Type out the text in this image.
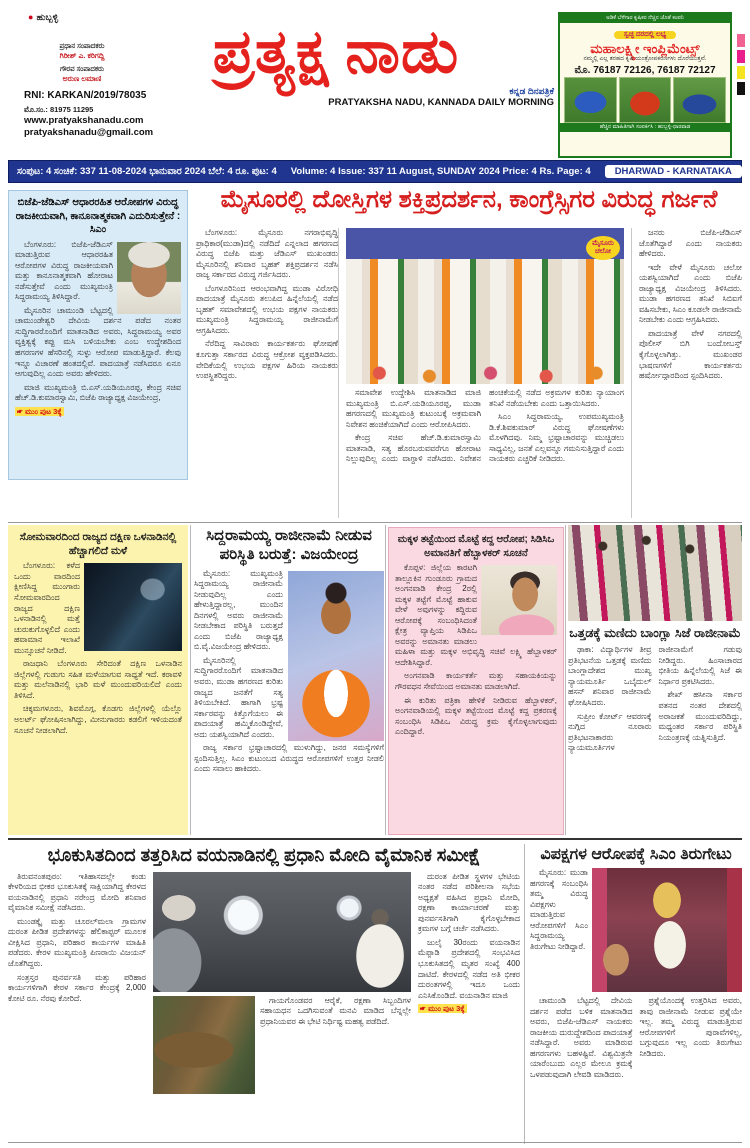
● ಹುಬ್ಬಳ್ಳಿ
ಪ್ರಧಾನ ಸಂಪಾದಕರು
ಗಿರೀಶ್ ಎ. ಕರಿಗದ್ದಿ
ಗೌರವ ಸಂಪಾದಕರು
ಅರುಣ ಲಮಾಣಿ
RNI: KARKAN/2019/78035
ಮೊ.ಸಂ.: 81975 11295
www.pratyakshanadu.com
pratyakshanadu@gmail.com
ಪ್ರತ್ಯಕ್ಷ ನಾಡು
ಕನ್ನಡ ದಿನಪತ್ರಿಕೆ
PRATYAKSHA NADU, KANNADA DAILY MORNING
ಅಡಿಕೆ ಬೆಳೆಗಾರ ಕೃಷಿಕರ ನೆಚ್ಚಿನ ಜೊತೆ ಕಂಪನಿ
ಸ್ವಚ್ಛ ದರದಲ್ಲಿ ಲಭ್ಯ
ಮಹಾಲಕ್ಷ್ಮೀ ಇಂಪ್ಲಿಮೆಂಟ್ಸ್
ನಮ್ಮಲ್ಲಿ ಎಲ್ಲ ತರಹದ ಕೃಷಿ ಯಂತ್ರೋಪಕರಣಗಳು ದೊರೆಯುತ್ತವೆ.
ಮೊ. 76187 72126, 76187 72127
ಹೆಚ್ಚಿನ ಮಾಹಿತಿಗಾಗಿ ಸಂಪರ್ಕಿಸಿ : ಹುಬ್ಬಳ್ಳಿ-ಧಾರವಾಡ
ಸಂಪುಟ: 4 ಸಂಚಿಕೆ: 337 11-08-2024 ಭಾನುವಾರ 2024 ಬೆಲೆ: 4 ರೂ. ಪುಟ: 4 Volume: 4 Issue: 337 11 August, SUNDAY 2024 Price: 4 Rs. Page: 4	DHARWAD - KARNATAKA
ಬಿಜೆಪಿ-ಜೆಡಿಎಸ್ ಆಧಾರರಹಿತ ಆರೋಪಗಳ ವಿರುದ್ಧ ರಾಜಕೀಯವಾಗಿ, ಕಾನೂನಾತ್ಮಕವಾಗಿ ಎದುರಿಸುತ್ತೇನೆ : ಸಿಎಂ

ಬೆಂಗಳೂರು: ಬಿಜೆಪಿ-ಜೆಡಿಎಸ್ ಮಾಡುತ್ತಿರುವ ಆಧಾರರಹಿತ ಆರೋಪಗಳ ವಿರುದ್ಧ ರಾಜಕೀಯವಾಗಿ ಮತ್ತು ಕಾನೂನಾತ್ಮಕವಾಗಿ ಹೋರಾಟ ನಡೆಸುತ್ತೇವೆ ಎಂದು ಮುಖ್ಯಮಂತ್ರಿ ಸಿದ್ದರಾಮಯ್ಯ ತಿಳಿಸಿದ್ದಾರೆ.

ಮೈಸೂರಿನ ಚಾಮುಂಡಿ ಬೆಟ್ಟದಲ್ಲಿ ಚಾಮುಂಡೇಶ್ವರಿ ದೇವಿಯ ದರ್ಶನ ಪಡೆದ ನಂತರ ಸುದ್ದಿಗಾರರೊಂದಿಗೆ ಮಾತನಾಡಿದ ಅವರು, ಸಿದ್ದರಾಮಯ್ಯ ಅವರ ವ್ಯಕ್ತಿತ್ವಕ್ಕೆ ಕಪ್ಪು ಮಸಿ ಬಳಿಯಬೇಕು ಎಂಬ ಉದ್ದೇಶದಿಂದ ಹಗರಣಗಳ ಹೆಸರಿನಲ್ಲಿ ಸುಳ್ಳು ಆರೋಪ ಮಾಡುತ್ತಿದ್ದಾರೆ. ಕೆಲವು ಇನ್ನೂ ವಿಚಾರಣೆ ಹಂತದಲ್ಲಿವೆ. ಪಾದಯಾತ್ರೆ ನಡೆಸಿದರೂ ಏನೂ ಆಗುವುದಿಲ್ಲ ಎಂದು ಅವರು ಹೇಳಿದರು.

ಮಾಜಿ ಮುಖ್ಯಮಂತ್ರಿ ಬಿ.ಎಸ್.ಯಡಿಯೂರಪ್ಪ, ಕೇಂದ್ರ ಸಚಿವ ಹೆಚ್.ಡಿ.ಕುಮಾರಸ್ವಾಮಿ, ಬಿಜೆಪಿ ರಾಜ್ಯಾಧ್ಯಕ್ಷ ವಿಜಯೇಂದ್ರ,

☛ ಮುಂ ಪುಟ 3ಕ್ಕೆ
ಮೈಸೂರಲ್ಲಿ ದೋಸ್ತಿಗಳ ಶಕ್ತಿಪ್ರದರ್ಶನ, ಕಾಂಗ್ರೆಸ್ಸಿಗರ ವಿರುದ್ಧ ಗರ್ಜನೆ

ಬೆಂಗಳೂರು: ಮೈಸೂರು ನಗರಾಭಿವೃದ್ಧಿ ಪ್ರಾಧಿಕಾರ(ಮುಡಾ)ದಲ್ಲಿ ನಡೆದಿದೆ ಎನ್ನಲಾದ ಹಗರಣದ ವಿರುದ್ಧ ಬಿಜೆಪಿ ಮತ್ತು ಜೆಡಿಎಸ್ ಮುಖಂಡರು ಮೈಸೂರಿನಲ್ಲಿ ಶನಿವಾರ ಬೃಹತ್ ಶಕ್ತಿಪ್ರದರ್ಶನ ನಡೆಸಿ ರಾಜ್ಯ ಸರ್ಕಾರದ ವಿರುದ್ಧ ಗರ್ಜಿಸಿದರು.

ಬೆಂಗಳೂರಿನಿಂದ ಆರಂಭವಾಗಿದ್ದ ಮುಡಾ ವಿರೋಧಿ ಪಾದಯಾತ್ರೆ ಮೈಸೂರು ತಲುಪಿದ ಹಿನ್ನೆಲೆಯಲ್ಲಿ ನಡೆದ ಬೃಹತ್ ಸಮಾವೇಶದಲ್ಲಿ ಉಭಯ ಪಕ್ಷಗಳ ನಾಯಕರು ಮುಖ್ಯಮಂತ್ರಿ ಸಿದ್ದರಾಮಯ್ಯ ರಾಜೀನಾಮೆಗೆ ಆಗ್ರಹಿಸಿದರು.

ನೆರೆದಿದ್ದ ಸಾವಿರಾರು ಕಾರ್ಯಕರ್ತರು ಘೋಷಣೆ ಕೂಗುತ್ತಾ ಸರ್ಕಾರದ ವಿರುದ್ಧ ಆಕ್ರೋಶ ವ್ಯಕ್ತಪಡಿಸಿದರು. ವೇದಿಕೆಯಲ್ಲಿ ಉಭಯ ಪಕ್ಷಗಳ ಹಿರಿಯ ನಾಯಕರು ಉಪಸ್ಥಿತರಿದ್ದರು.

ಮೈಸೂರು ಚಲೋ

ಸಮಾವೇಶ ಉದ್ದೇಶಿಸಿ ಮಾತನಾಡಿದ ಮಾಜಿ ಮುಖ್ಯಮಂತ್ರಿ ಬಿ.ಎಸ್.ಯಡಿಯೂರಪ್ಪ, ಮುಡಾ ಹಗರಣದಲ್ಲಿ ಮುಖ್ಯಮಂತ್ರಿ ಕುಟುಂಬಕ್ಕೆ ಅಕ್ರಮವಾಗಿ ನಿವೇಶನ ಹಂಚಿಕೆಯಾಗಿದೆ ಎಂದು ಆರೋಪಿಸಿದರು.

ಕೇಂದ್ರ ಸಚಿವ ಹೆಚ್.ಡಿ.ಕುಮಾರಸ್ವಾಮಿ ಮಾತನಾಡಿ, ಸತ್ಯ ಹೊರಬರುವವರೆಗೂ ಹೋರಾಟ ನಿಲ್ಲುವುದಿಲ್ಲ ಎಂದು ವಾಗ್ದಾಳಿ ನಡೆಸಿದರು. ನಿವೇಶನ ಹಂಚಿಕೆಯಲ್ಲಿ ನಡೆದ ಅಕ್ರಮಗಳ ಕುರಿತು ನ್ಯಾಯಾಂಗ ತನಿಖೆ ನಡೆಯಬೇಕು ಎಂದು ಒತ್ತಾಯಿಸಿದರು.

ಸಿಎಂ ಸಿದ್ದರಾಮಯ್ಯ, ಉಪಮುಖ್ಯಮಂತ್ರಿ ಡಿ.ಕೆ.ಶಿವಕುಮಾರ್ ವಿರುದ್ಧ ಘೋಷಣೆಗಳು ಮೊಳಗಿದವು. ನಿಮ್ಮ ಭ್ರಷ್ಟಾಚಾರವನ್ನು ಮುಚ್ಚಿಡಲು ಸಾಧ್ಯವಿಲ್ಲ, ಜನತೆ ಎಲ್ಲವನ್ನೂ ಗಮನಿಸುತ್ತಿದ್ದಾರೆ ಎಂದು ನಾಯಕರು ಎಚ್ಚರಿಕೆ ನೀಡಿದರು.

ಜನರು ಬಿಜೆಪಿ-ಜೆಡಿಎಸ್ ಜೊತೆಗಿದ್ದಾರೆ ಎಂದು ನಾಯಕರು ಹೇಳಿದರು.

ಇದೇ ವೇಳೆ ಮೈಸೂರು ಚಲೋ ಯಶಸ್ವಿಯಾಗಿದೆ ಎಂದು ಬಿಜೆಪಿ ರಾಜ್ಯಾಧ್ಯಕ್ಷ ವಿಜಯೇಂದ್ರ ತಿಳಿಸಿದರು. ಮುಡಾ ಹಗರಣದ ತನಿಖೆ ಸಿಬಿಐಗೆ ವಹಿಸಬೇಕು, ಸಿಎಂ ಕೂಡಲೇ ರಾಜೀನಾಮೆ ನೀಡಬೇಕು ಎಂದು ಆಗ್ರಹಿಸಿದರು.

ಪಾದಯಾತ್ರೆ ವೇಳೆ ನಗರದಲ್ಲಿ ಪೊಲೀಸ್ ಬಿಗಿ ಬಂದೋಬಸ್ತ್ ಕೈಗೊಳ್ಳಲಾಗಿತ್ತು. ಮುಖಂಡರ ಭಾಷಣಗಳಿಗೆ ಕಾರ್ಯಕರ್ತರು ಹರ್ಷೋದ್ಗಾರದಿಂದ ಸ್ಪಂದಿಸಿದರು.

ಸೋಮವಾರದಿಂದ ರಾಜ್ಯದ ದಕ್ಷಿಣ ಒಳನಾಡಿನಲ್ಲಿ ಹೆಚ್ಚಾಗಲಿದೆ ಮಳೆ

ಬೆಂಗಳೂರು: ಕಳೆದ ಒಂದು ವಾರದಿಂದ ಕ್ಷೀಣಿಸಿದ್ದ ಮುಂಗಾರು ಸೋಮವಾರದಿಂದ ರಾಜ್ಯದ ದಕ್ಷಿಣ ಒಳನಾಡಿನಲ್ಲಿ ಮತ್ತೆ ಚುರುಕುಗೊಳ್ಳಲಿದೆ ಎಂದು ಹವಾಮಾನ ಇಲಾಖೆ ಮುನ್ಸೂಚನೆ ನೀಡಿದೆ.

ರಾಜಧಾನಿ ಬೆಂಗಳೂರು ಸೇರಿದಂತೆ ದಕ್ಷಿಣ ಒಳನಾಡಿನ ಜಿಲ್ಲೆಗಳಲ್ಲಿ ಗುಡುಗು ಸಹಿತ ಮಳೆಯಾಗುವ ಸಾಧ್ಯತೆ ಇದೆ. ಕರಾವಳಿ ಮತ್ತು ಮಲೆನಾಡಿನಲ್ಲಿ ಭಾರಿ ಮಳೆ ಮುಂದುವರಿಯಲಿದೆ ಎಂದು ತಿಳಿಸಿದೆ.

ಚಿಕ್ಕಮಗಳೂರು, ಶಿವಮೊಗ್ಗ, ಕೊಡಗು ಜಿಲ್ಲೆಗಳಲ್ಲಿ ಯೆಲ್ಲೊ ಅಲರ್ಟ್ ಘೋಷಿಸಲಾಗಿದ್ದು, ಮೀನುಗಾರರು ಕಡಲಿಗೆ ಇಳಿಯದಂತೆ ಸೂಚನೆ ನೀಡಲಾಗಿದೆ.

ಸಿದ್ದರಾಮಯ್ಯ ರಾಜೀನಾಮೆ ನೀಡುವ ಪರಿಸ್ಥಿತಿ ಬರುತ್ತೆ: ವಿಜಯೇಂದ್ರ

ಮೈಸೂರು: ಮುಖ್ಯಮಂತ್ರಿ ಸಿದ್ದರಾಮಯ್ಯ ರಾಜೀನಾಮೆ ನೀಡುವುದಿಲ್ಲ ಎಂದು ಹೇಳುತ್ತಿದ್ದಾರಲ್ಲ, ಮುಂದಿನ ದಿನಗಳಲ್ಲಿ ಅವರು ರಾಜೀನಾಮೆ ನೀಡಬೇಕಾದ ಪರಿಸ್ಥಿತಿ ಬರುತ್ತದೆ ಎಂದು ಬಿಜೆಪಿ ರಾಜ್ಯಾಧ್ಯಕ್ಷ ಬಿ.ವೈ.ವಿಜಯೇಂದ್ರ ಹೇಳಿದರು.

ಮೈಸೂರಿನಲ್ಲಿ ಸುದ್ದಿಗಾರರೊಂದಿಗೆ ಮಾತನಾಡಿದ ಅವರು, ಮುಡಾ ಹಗರಣದ ಕುರಿತು ರಾಜ್ಯದ ಜನತೆಗೆ ಸತ್ಯ ತಿಳಿಯಬೇಕಿದೆ. ಹಾಗಾಗಿ ಭ್ರಷ್ಟ ಸರ್ಕಾರವನ್ನು ಕಿತ್ತೊಗೆಯಲು ಈ ಪಾದಯಾತ್ರೆ ಹಮ್ಮಿಕೊಂಡಿದ್ದೇವೆ, ಅದು ಯಶಸ್ವಿಯಾಗಿದೆ ಎಂದರು.

ರಾಜ್ಯ ಸರ್ಕಾರ ಭ್ರಷ್ಟಾಚಾರದಲ್ಲಿ ಮುಳುಗಿದ್ದು, ಜನರ ಸಮಸ್ಯೆಗಳಿಗೆ ಸ್ಪಂದಿಸುತ್ತಿಲ್ಲ. ಸಿಎಂ ಕುಟುಂಬದ ವಿರುದ್ಧದ ಆರೋಪಗಳಿಗೆ ಉತ್ತರ ನೀಡಲಿ ಎಂದು ಸವಾಲು ಹಾಕಿದರು.

ಮಕ್ಕಳ ತಟ್ಟೆಯಿಂದ ಮೊಟ್ಟೆ ಕದ್ದ ಆರೋಪ; ಸಿಡಿಸಿಒ ಅಮಾನತಿಗೆ ಹೆಬ್ಬಾಳಕರ್ ಸೂಚನೆ

ಕೊಪ್ಪಳ: ಜಿಲ್ಲೆಯ ಕಾರಟಗಿ ತಾಲ್ಲೂಕಿನ ಗುಂಡೂರು ಗ್ರಾಮದ ಅಂಗನವಾಡಿ ಕೇಂದ್ರ 2ರಲ್ಲಿ ಮಕ್ಕಳ ತಟ್ಟೆಗೆ ಮೊಟ್ಟೆ ಹಾಕುವ ವೇಳೆ ಅವುಗಳನ್ನು ಕದ್ದಿರುವ ಆರೋಪಕ್ಕೆ ಸಂಬಂಧಿಸಿದಂತೆ ಕ್ಷೇತ್ರ ವ್ಯಾಪ್ತಿಯ ಸಿಡಿಪಿಒ ಅವರನ್ನು ಅಮಾನತು ಮಾಡಲು ಮಹಿಳಾ ಮತ್ತು ಮಕ್ಕಳ ಅಭಿವೃದ್ಧಿ ಸಚಿವೆ ಲಕ್ಷ್ಮಿ ಹೆಬ್ಬಾಳಕರ್ ಆದೇಶಿಸಿದ್ದಾರೆ.

ಅಂಗನವಾಡಿ ಕಾರ್ಯಕರ್ತೆ ಮತ್ತು ಸಹಾಯಕಿಯನ್ನು ಗೌರವಧನ ಸೇವೆಯಿಂದ ಅಮಾನತು ಮಾಡಲಾಗಿದೆ.

ಈ ಕುರಿತು ಪತ್ರಿಕಾ ಹೇಳಿಕೆ ನೀಡಿರುವ ಹೆಬ್ಬಾಳಕರ್, ಅಂಗನವಾಡಿಯಲ್ಲಿ ಮಕ್ಕಳ ತಟ್ಟೆಯಿಂದ ಮೊಟ್ಟೆ ಕದ್ದ ಪ್ರಕರಣಕ್ಕೆ ಸಂಬಂಧಿಸಿ ಸಿಡಿಪಿಒ ವಿರುದ್ಧ ಕ್ರಮ ಕೈಗೊಳ್ಳಲಾಗುವುದು ಎಂದಿದ್ದಾರೆ.

ಒತ್ತಡಕ್ಕೆ ಮಣಿದು ಬಾಂಗ್ಲಾ ಸಿಜೆ ರಾಜೀನಾಮೆ

ಢಾಕಾ: ವಿದ್ಯಾರ್ಥಿಗಳ ತೀವ್ರ ಪ್ರತಿಭಟನೆಯ ಒತ್ತಡಕ್ಕೆ ಮಣಿದು ಬಾಂಗ್ಲಾದೇಶದ ಮುಖ್ಯ ನ್ಯಾಯಮೂರ್ತಿ ಒಬೈದುಲ್ ಹಸನ್ ಶನಿವಾರ ರಾಜೀನಾಮೆ ಘೋಷಿಸಿದರು.

ಸುಪ್ರೀಂ ಕೋರ್ಟ್ ಆವರಣಕ್ಕೆ ನುಗ್ಗಿದ ನೂರಾರು ಪ್ರತಿಭಟನಾಕಾರರು ನ್ಯಾಯಮೂರ್ತಿಗಳ ರಾಜೀನಾಮೆಗೆ ಗಡುವು ನೀಡಿದ್ದರು. ಹಿಂಸಾಚಾರದ ಭೀತಿಯ ಹಿನ್ನೆಲೆಯಲ್ಲಿ ಸಿಜೆ ಈ ನಿರ್ಧಾರ ಪ್ರಕಟಿಸಿದರು.

ಶೇಖ್ ಹಸೀನಾ ಸರ್ಕಾರ ಪತನದ ನಂತರ ದೇಶದಲ್ಲಿ ಅರಾಜಕತೆ ಮುಂದುವರಿದಿದ್ದು, ಮಧ್ಯಂತರ ಸರ್ಕಾರ ಪರಿಸ್ಥಿತಿ ನಿಯಂತ್ರಣಕ್ಕೆ ಯತ್ನಿಸುತ್ತಿದೆ.

ಭೂಕುಸಿತದಿಂದ ತತ್ತರಿಸಿದ ವಯನಾಡಿನಲ್ಲಿ ಪ್ರಧಾನಿ ಮೋದಿ ವೈಮಾನಿಕ ಸಮೀಕ್ಷೆ

ತಿರುವನಂತಪುರಂ: ಇತಿಹಾಸದಲ್ಲೇ ಕಂಡು ಕೇಳರಿಯದ ಭೀಕರ ಭೂಕುಸಿತಕ್ಕೆ ಸಾಕ್ಷಿಯಾಗಿದ್ದ ಕೇರಳದ ವಯನಾಡಿನಲ್ಲಿ ಪ್ರಧಾನಿ ನರೇಂದ್ರ ಮೋದಿ ಶನಿವಾರ ವೈಮಾನಿಕ ಸಮೀಕ್ಷೆ ನಡೆಸಿದರು.

ಮುಂಡಕ್ಕೈ ಮತ್ತು ಚೂರಲ್‌ಮಲಾ ಗ್ರಾಮಗಳ ದುರಂತ ಪೀಡಿತ ಪ್ರದೇಶಗಳನ್ನು ಹೆಲಿಕಾಪ್ಟರ್ ಮೂಲಕ ವೀಕ್ಷಿಸಿದ ಪ್ರಧಾನಿ, ಪರಿಹಾರ ಕಾರ್ಯಗಳ ಮಾಹಿತಿ ಪಡೆದರು. ಕೇರಳ ಮುಖ್ಯಮಂತ್ರಿ ಪಿಣರಾಯಿ ವಿಜಯನ್ ಜೊತೆಗಿದ್ದರು.

ಸಂತ್ರಸ್ತರ ಪುನರ್ವಸತಿ ಮತ್ತು ಪರಿಹಾರ ಕಾರ್ಯಗಳಿಗಾಗಿ ಕೇರಳ ಸರ್ಕಾರ ಕೇಂದ್ರಕ್ಕೆ 2,000 ಕೋಟಿ ರೂ. ನೆರವು ಕೋರಿದೆ.	ಗಾಯಗೊಂಡವರ ಆರೈಕೆ, ರಕ್ಷಣಾ ಸಿಬ್ಬಂದಿಗಳ ಸಹಾಯಧನ ಒದಗಿಸುವಂತೆ ಮನವಿ ಮಾಡಿದ ಬೆನ್ನಲ್ಲೇ ಪ್ರಧಾನಿಯವರ ಈ ಭೇಟಿ ನಿರ್ಧಿಷ್ಟ ಮಹತ್ವ ಪಡೆದಿದೆ.

ದುರಂತ ಪೀಡಿತ ಸ್ಥಳಗಳ ಭೇಟಿಯ ನಂತರ ನಡೆದ ಪರಿಶೀಲನಾ ಸಭೆಯ ಅಧ್ಯಕ್ಷತೆ ವಹಿಸಿದ ಪ್ರಧಾನಿ ಮೋದಿ, ರಕ್ಷಣಾ ಕಾರ್ಯಾಚರಣೆ ಮತ್ತು ಪುನರ್ವಸತಿಗಾಗಿ ಕೈಗೊಳ್ಳಬೇಕಾದ ಕ್ರಮಗಳ ಬಗ್ಗೆ ಚರ್ಚೆ ನಡೆಸಿದರು.

ಜುಲೈ 30ರಂದು ವಯನಾಡಿನ ಮೆಪ್ಪಾಡಿ ಪ್ರದೇಶದಲ್ಲಿ ಸಂಭವಿಸಿದ ಭೂಕುಸಿತದಲ್ಲಿ ಮೃತರ ಸಂಖ್ಯೆ 400 ದಾಟಿದೆ. ಕೇರಳದಲ್ಲಿ ನಡೆದ ಅತಿ ಭೀಕರ ದುರಂತಗಳಲ್ಲಿ ಇದೂ ಒಂದು ಎನಿಸಿಕೊಂಡಿದೆ. ವಯನಾಡಿನ ಮಾಜಿ

☛ ಮುಂ ಪುಟ 3ಕ್ಕೆ
ವಿಪಕ್ಷಗಳ ಆರೋಪಕ್ಕೆ ಸಿಎಂ ತಿರುಗೇಟು

ಮೈಸೂರು: ಮುಡಾ ಹಗರಣಕ್ಕೆ ಸಂಬಂಧಿಸಿ ತಮ್ಮ ವಿರುದ್ಧ ವಿಪಕ್ಷಗಳು ಮಾಡುತ್ತಿರುವ ಆರೋಪಗಳಿಗೆ ಸಿಎಂ ಸಿದ್ದರಾಮಯ್ಯ ತಿರುಗೇಟು ನೀಡಿದ್ದಾರೆ.

ಚಾಮುಂಡಿ ಬೆಟ್ಟದಲ್ಲಿ ದೇವಿಯ ದರ್ಶನ ಪಡೆದ ಬಳಿಕ ಮಾತನಾಡಿದ ಅವರು, ಬಿಜೆಪಿ-ಜೆಡಿಎಸ್ ನಾಯಕರು ರಾಜಕೀಯ ದುರುದ್ದೇಶದಿಂದ ಪಾದಯಾತ್ರೆ ನಡೆಸಿದ್ದಾರೆ. ಅವರು ಮಾಡಿರುವ ಹಗರಣಗಳು ಬಹಳಷ್ಟಿವೆ. ವಿಶ್ವಮಿತ್ರನೇ ಯಾರೆಂಬುದು ಎಲ್ಲರ ಮೇಲೂ ಕ್ರಮಕ್ಕೆ ಒಳಪಡುವುದಾಗಿ ಲೇವಡಿ ಮಾಡಿದರು.

ಪ್ರಶ್ನೆಯೊಂದಕ್ಕೆ ಉತ್ತರಿಸಿದ ಅವರು, ತಾವು ರಾಜೀನಾಮೆ ನೀಡುವ ಪ್ರಶ್ನೆಯೇ ಇಲ್ಲ. ತಮ್ಮ ವಿರುದ್ಧ ಮಾಡುತ್ತಿರುವ ಆರೋಪಗಳಿಗೆ ಪುರಾವೆಗಳಿಲ್ಲ, ಬಗ್ಗುವುದೂ ಇಲ್ಲ ಎಂದು ತಿರುಗೇಟು ನೀಡಿದರು.
